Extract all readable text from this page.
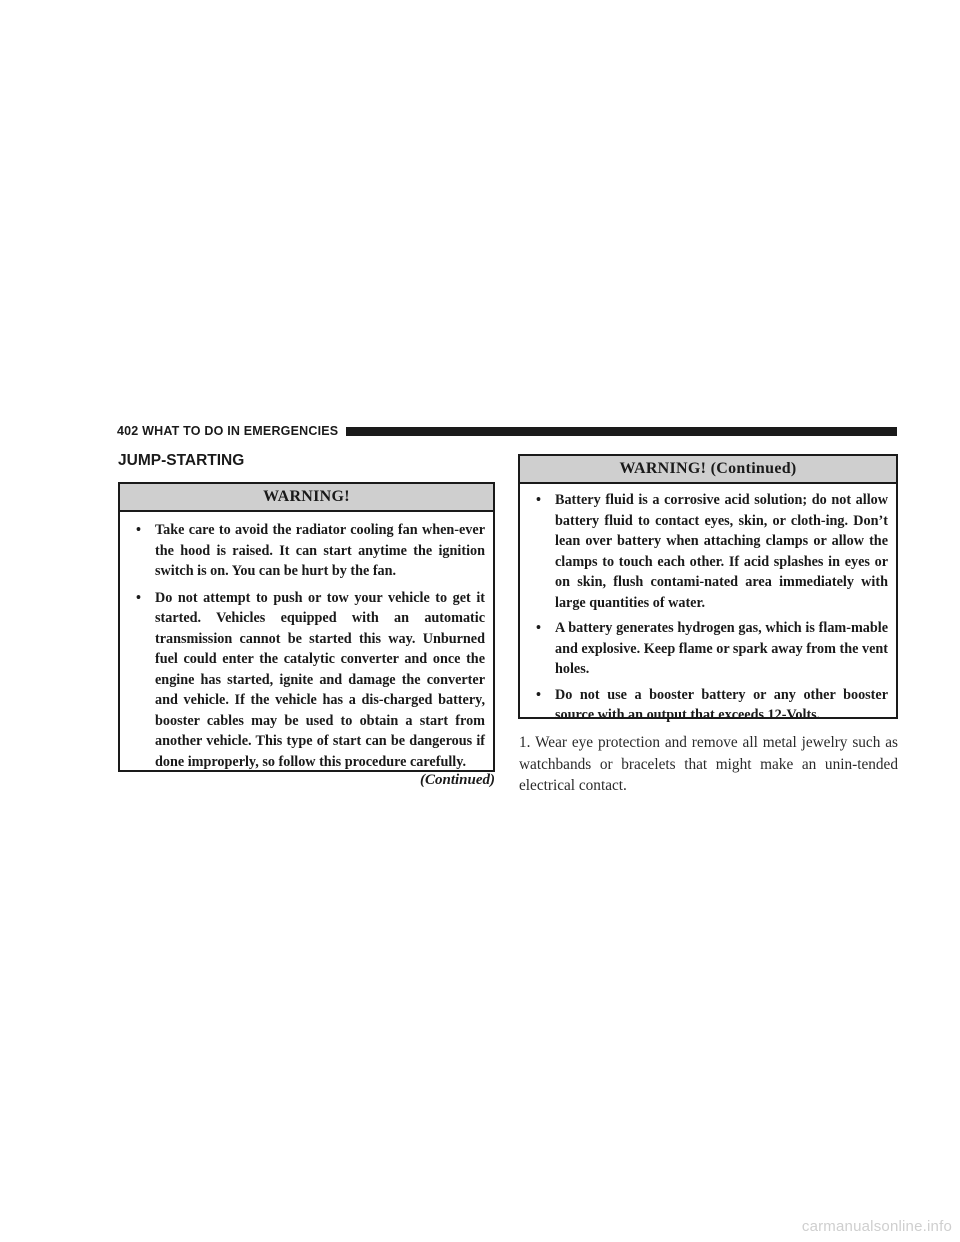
402 WHAT TO DO IN EMERGENCIES
JUMP-STARTING
WARNING!
• Take care to avoid the radiator cooling fan when-ever the hood is raised. It can start anytime the ignition switch is on. You can be hurt by the fan.
• Do not attempt to push or tow your vehicle to get it started. Vehicles equipped with an automatic transmission cannot be started this way. Unburned fuel could enter the catalytic converter and once the engine has started, ignite and damage the converter and vehicle. If the vehicle has a dis-charged battery, booster cables may be used to obtain a start from another vehicle. This type of start can be dangerous if done improperly, so follow this procedure carefully.
(Continued)
WARNING! (Continued)
• Battery fluid is a corrosive acid solution; do not allow battery fluid to contact eyes, skin, or cloth-ing. Don’t lean over battery when attaching clamps or allow the clamps to touch each other. If acid splashes in eyes or on skin, flush contami-nated area immediately with large quantities of water.
• A battery generates hydrogen gas, which is flam-mable and explosive. Keep flame or spark away from the vent holes.
• Do not use a booster battery or any other booster source with an output that exceeds 12-Volts.

1. Wear eye protection and remove all metal jewelry such as watchbands or bracelets that might make an unin-tended electrical contact.

carmanualsonline.info
